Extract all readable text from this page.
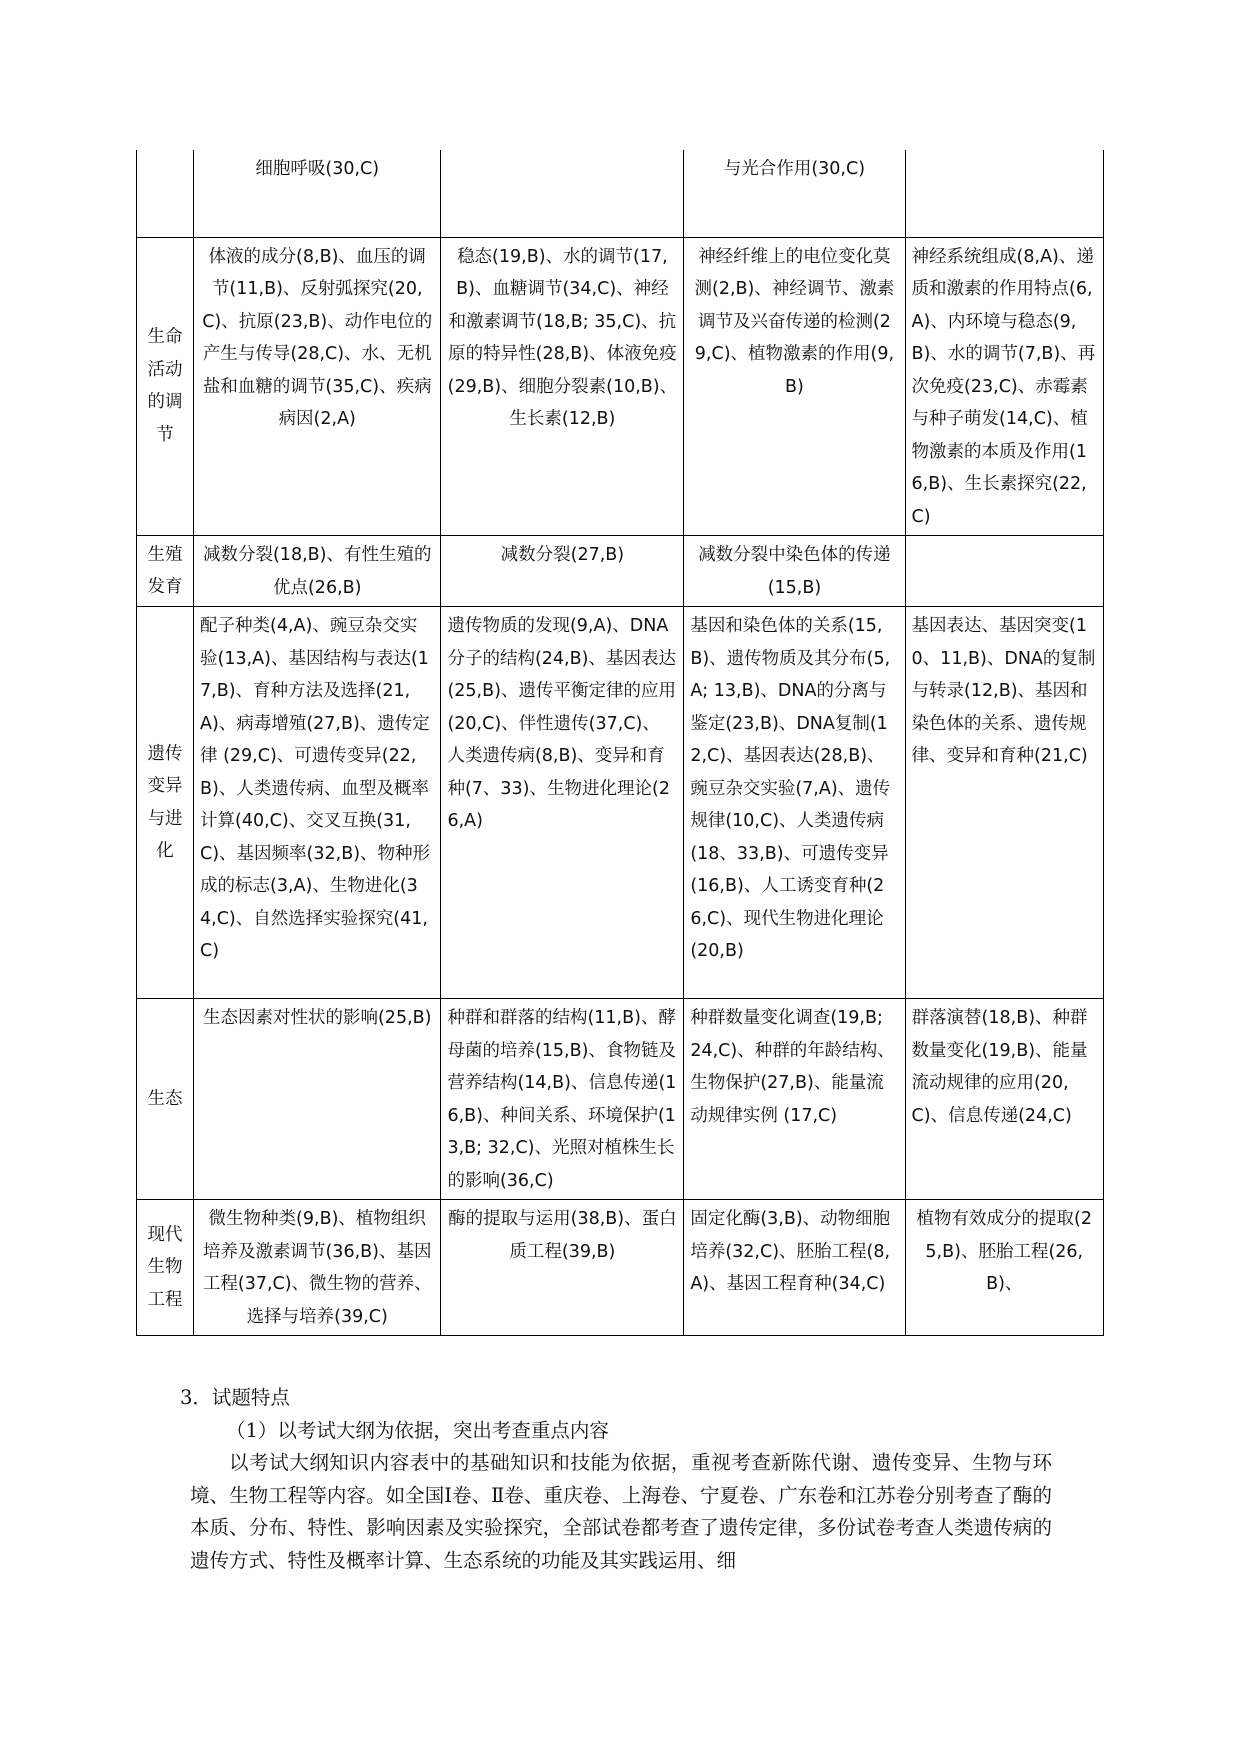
	细胞呼吸(30,C)		与光合作用(30,C)	
生命活动的调节	体液的成分(8,B)、血压的调节(11,B)、反射弧探究(20,C)、抗原(23,B)、动作电位的产生与传导(28,C)、水、无机盐和血糖的调节(35,C)、疾病病因(2,A)	稳态(19,B)、水的调节(17,B)、血糖调节(34,C)、神经和激素调节(18,B; 35,C)、抗原的特异性(28,B)、体液免疫(29,B)、细胞分裂素(10,B)、生长素(12,B)	神经纤维上的电位变化莫测(2,B)、神经调节、激素调节及兴奋传递的检测(29,C)、植物激素的作用(9,B)	神经系统组成(8,A)、递质和激素的作用特点(6,A)、内环境与稳态(9,B)、水的调节(7,B)、再次免疫(23,C)、赤霉素与种子萌发(14,C)、植物激素的本质及作用(16,B)、生长素探究(22,C)
生殖发育	减数分裂(18,B)、有性生殖的优点(26,B)	减数分裂(27,B)	减数分裂中染色体的传递(15,B)	
遗传变异与进化	配子种类(4,A)、豌豆杂交实验(13,A)、基因结构与表达(17,B)、育种方法及选择(21,A)、病毒增殖(27,B)、遗传定律 (29,C)、可遗传变异(22,B)、人类遗传病、血型及概率计算(40,C)、交叉互换(31,C)、基因频率(32,B)、物种形成的标志(3,A)、生物进化(34,C)、自然选择实验探究(41,C)	遗传物质的发现(9,A)、DNA分子的结构(24,B)、基因表达(25,B)、遗传平衡定律的应用(20,C)、伴性遗传(37,C)、人类遗传病(8,B)、变异和育种(7、33)、生物进化理论(26,A)	基因和染色体的关系(15,B)、遗传物质及其分布(5,A; 13,B)、DNA的分离与鉴定(23,B)、DNA复制(12,C)、基因表达(28,B)、豌豆杂交实验(7,A)、遗传规律(10,C)、人类遗传病(18、33,B)、可遗传变异(16,B)、人工诱变育种(26,C)、现代生物进化理论(20,B)	基因表达、基因突变(10、11,B)、DNA的复制与转录(12,B)、基因和染色体的关系、遗传规律、变异和育种(21,C)
生态	生态因素对性状的影响(25,B)	种群和群落的结构(11,B)、酵母菌的培养(15,B)、食物链及营养结构(14,B)、信息传递(16,B)、种间关系、环境保护(13,B; 32,C)、光照对植株生长的影响(36,C)	种群数量变化调查(19,B; 24,C)、种群的年龄结构、生物保护(27,B)、能量流动规律实例 (17,C)	群落演替(18,B)、种群数量变化(19,B)、能量流动规律的应用(20,C)、信息传递(24,C)
现代生物工程	微生物种类(9,B)、植物组织培养及激素调节(36,B)、基因工程(37,C)、微生物的营养、选择与培养(39,C)	酶的提取与运用(38,B)、蛋白质工程(39,B)	固定化酶(3,B)、动物细胞培养(32,C)、胚胎工程(8,A)、基因工程育种(34,C)	植物有效成分的提取(25,B)、胚胎工程(26,B)、

3．试题特点

（1）以考试大纲为依据，突出考查重点内容

以考试大纲知识内容表中的基础知识和技能为依据，重视考查新陈代谢、遗传变异、生物与环境、生物工程等内容。如全国Ⅰ卷、Ⅱ卷、重庆卷、上海卷、宁夏卷、广东卷和江苏卷分别考查了酶的本质、分布、特性、影响因素及实验探究，全部试卷都考查了遗传定律，多份试卷考查人类遗传病的遗传方式、特性及概率计算、生态系统的功能及其实践运用、细
